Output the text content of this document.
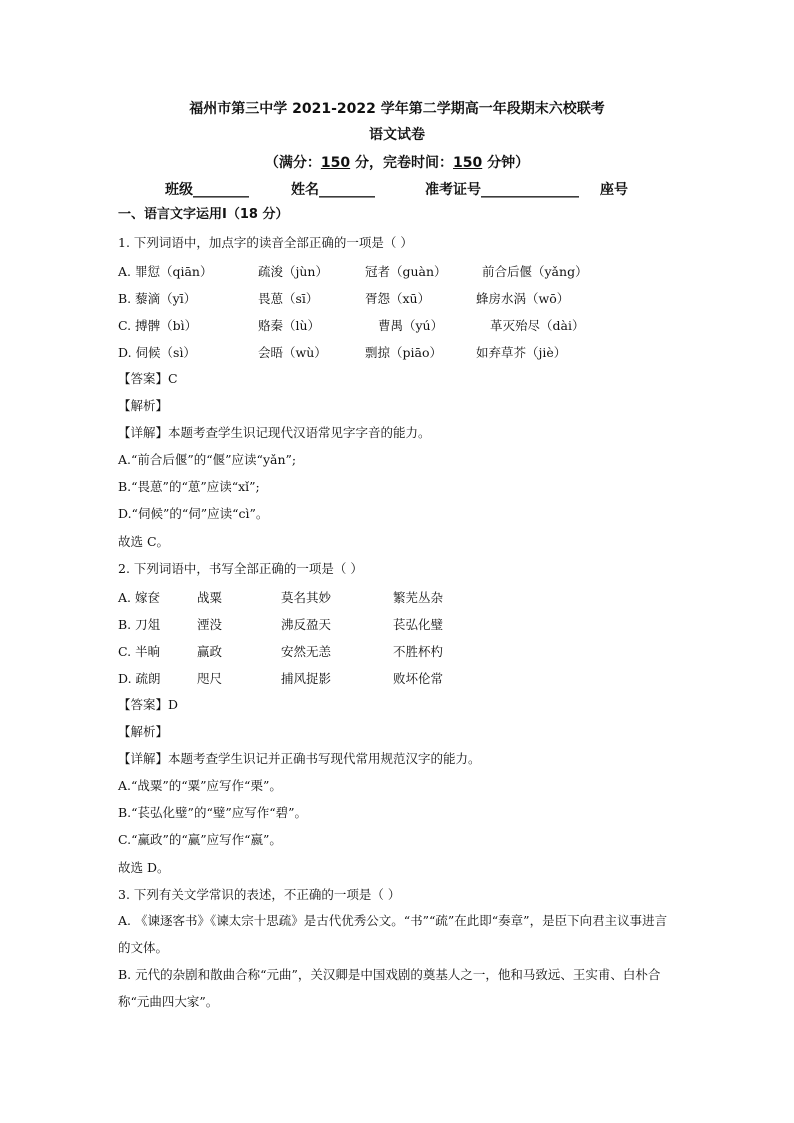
福州市第三中学 2021-2022 学年第二学期高一年段期末六校联考
语文试卷
（满分：150 分，完卷时间：150 分钟）
班级________	姓名________	准考证号______________ 座号
一、语言文字运用Ⅰ（18 分）
1. 下列词语中，加点字的读音全部正确的一项是（ ）
A. 罪愆（qiān）	疏浚（jùn）	冠者（guàn）	前合后偃（yǎng）
B. 藜滴（yī）	畏葸（sī）	胥怨（xū）	蜂房水涡（wō）
C. 搏髀（bì）	赂秦（lù）	曹禺（yú）	革灭殆尽（dài）
D. 伺候（sì）	会晤（wù）	剽掠（piāo）	如弃草芥（jiè）
【答案】C
【解析】
【详解】本题考查学生识记现代汉语常见字字音的能力。
A.“前合后偃”的“偃”应读“yǎn”;
B.“畏葸”的“葸”应读“xǐ”;
D.“伺候”的“伺”应读“cì”。
故选 C。
2. 下列词语中，书写全部正确的一项是（ ）
A. 嫁奁	战粟	莫名其妙	繁芜丛杂
B. 刀俎	湮没	沸反盈天	苌弘化璧
C. 半晌	赢政	安然无恙	不胜杯杓
D. 疏朗	咫尺	捕风捉影	败坏伦常
【答案】D
【解析】
【详解】本题考查学生识记并正确书写现代常用规范汉字的能力。
A.“战粟”的“粟”应写作“栗”。
B.“苌弘化璧”的“璧”应写作“碧”。
C.“赢政”的“赢”应写作“嬴”。
故选 D。
3. 下列有关文学常识的表述，不正确的一项是（ ）
A. 《谏逐客书》《谏太宗十思疏》是古代优秀公文。“书”“疏”在此即“奏章”，是臣下向君主议事进言的文体。
B. 元代的杂剧和散曲合称“元曲”，关汉卿是中国戏剧的奠基人之一，他和马致远、王实甫、白朴合称“元曲四大家”。
